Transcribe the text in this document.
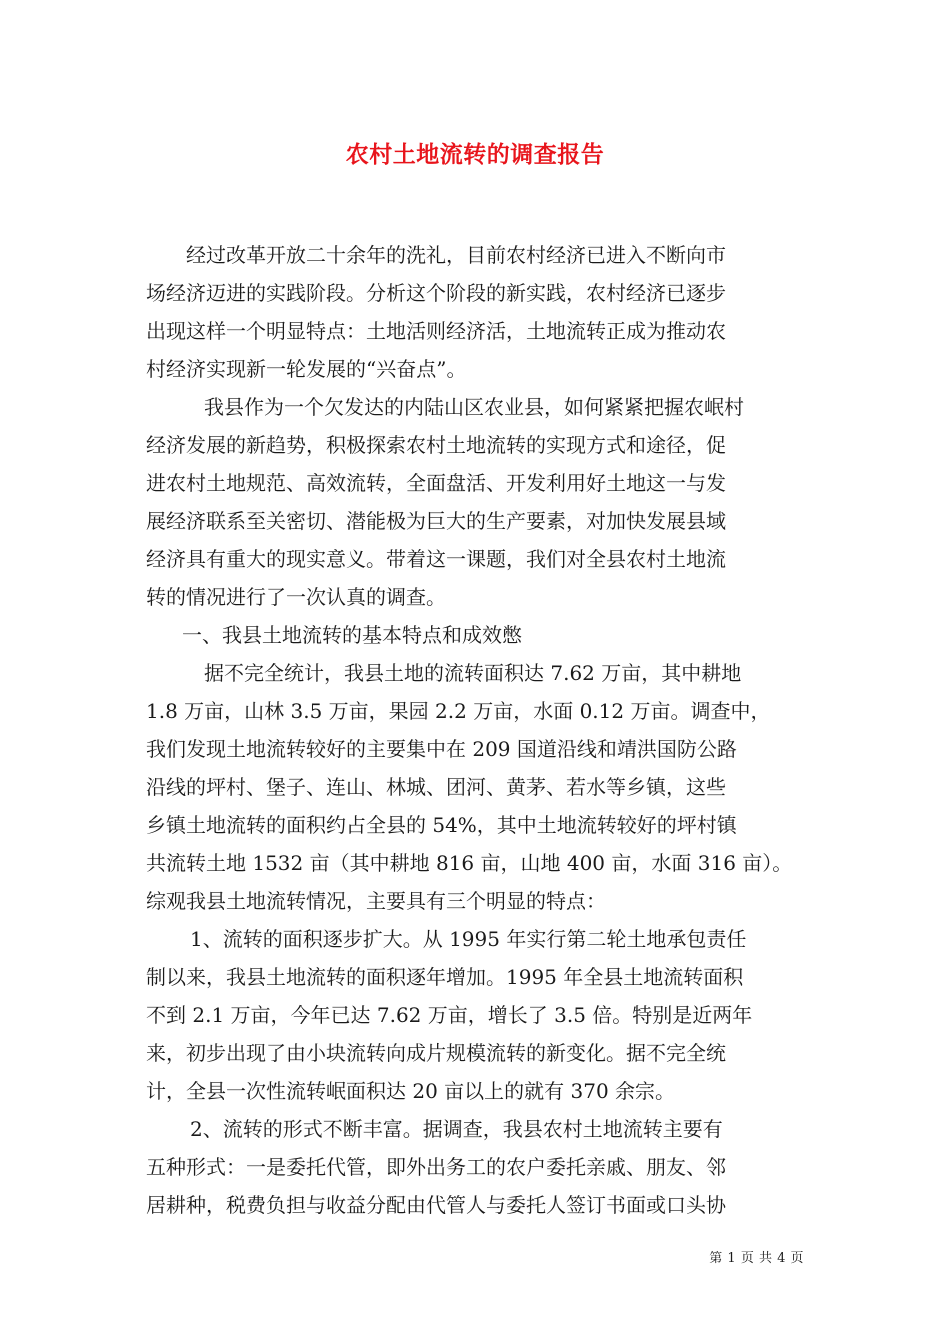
农村土地流转的调查报告
经过改革开放二十余年的洗礼，目前农村经济已进入不断向市
场经济迈进的实践阶段。分析这个阶段的新实践，农村经济已逐步
出现这样一个明显特点：土地活则经济活，土地流转正成为推动农
村经济实现新一轮发展的“兴奋点”。
我县作为一个欠发达的内陆山区农业县，如何紧紧把握农岷村
经济发展的新趋势，积极探索农村土地流转的实现方式和途径，促
进农村土地规范、高效流转，全面盘活、开发利用好土地这一与发
展经济联系至关密切、潜能极为巨大的生产要素，对加快发展县域
经济具有重大的现实意义。带着这一课题，我们对全县农村土地流
转的情况进行了一次认真的调查。
一、我县土地流转的基本特点和成效憋
据不完全统计，我县土地的流转面积达 7.62 万亩，其中耕地
1.8 万亩，山林 3.5 万亩，果园 2.2 万亩，水面 0.12 万亩。调查中，
我们发现土地流转较好的主要集中在 209 国道沿线和靖洪国防公路
沿线的坪村、堡子、连山、林城、团河、黄茅、若水等乡镇，这些
乡镇土地流转的面积约占全县的 54%，其中土地流转较好的坪村镇
共流转土地 1532 亩（其中耕地 816 亩，山地 400 亩，水面 316 亩）。
综观我县土地流转情况，主要具有三个明显的特点：
1、流转的面积逐步扩大。从 1995 年实行第二轮土地承包责任
制以来，我县土地流转的面积逐年增加。1995 年全县土地流转面积
不到 2.1 万亩，今年已达 7.62 万亩，增长了 3.5 倍。特别是近两年
来，初步出现了由小块流转向成片规模流转的新变化。据不完全统
计，全县一次性流转岷面积达 20 亩以上的就有 370 余宗。
2、流转的形式不断丰富。据调查，我县农村土地流转主要有
五种形式：一是委托代管，即外出务工的农户委托亲戚、朋友、邻
居耕种，税费负担与收益分配由代管人与委托人签订书面或口头协
第 1 页 共 4 页
